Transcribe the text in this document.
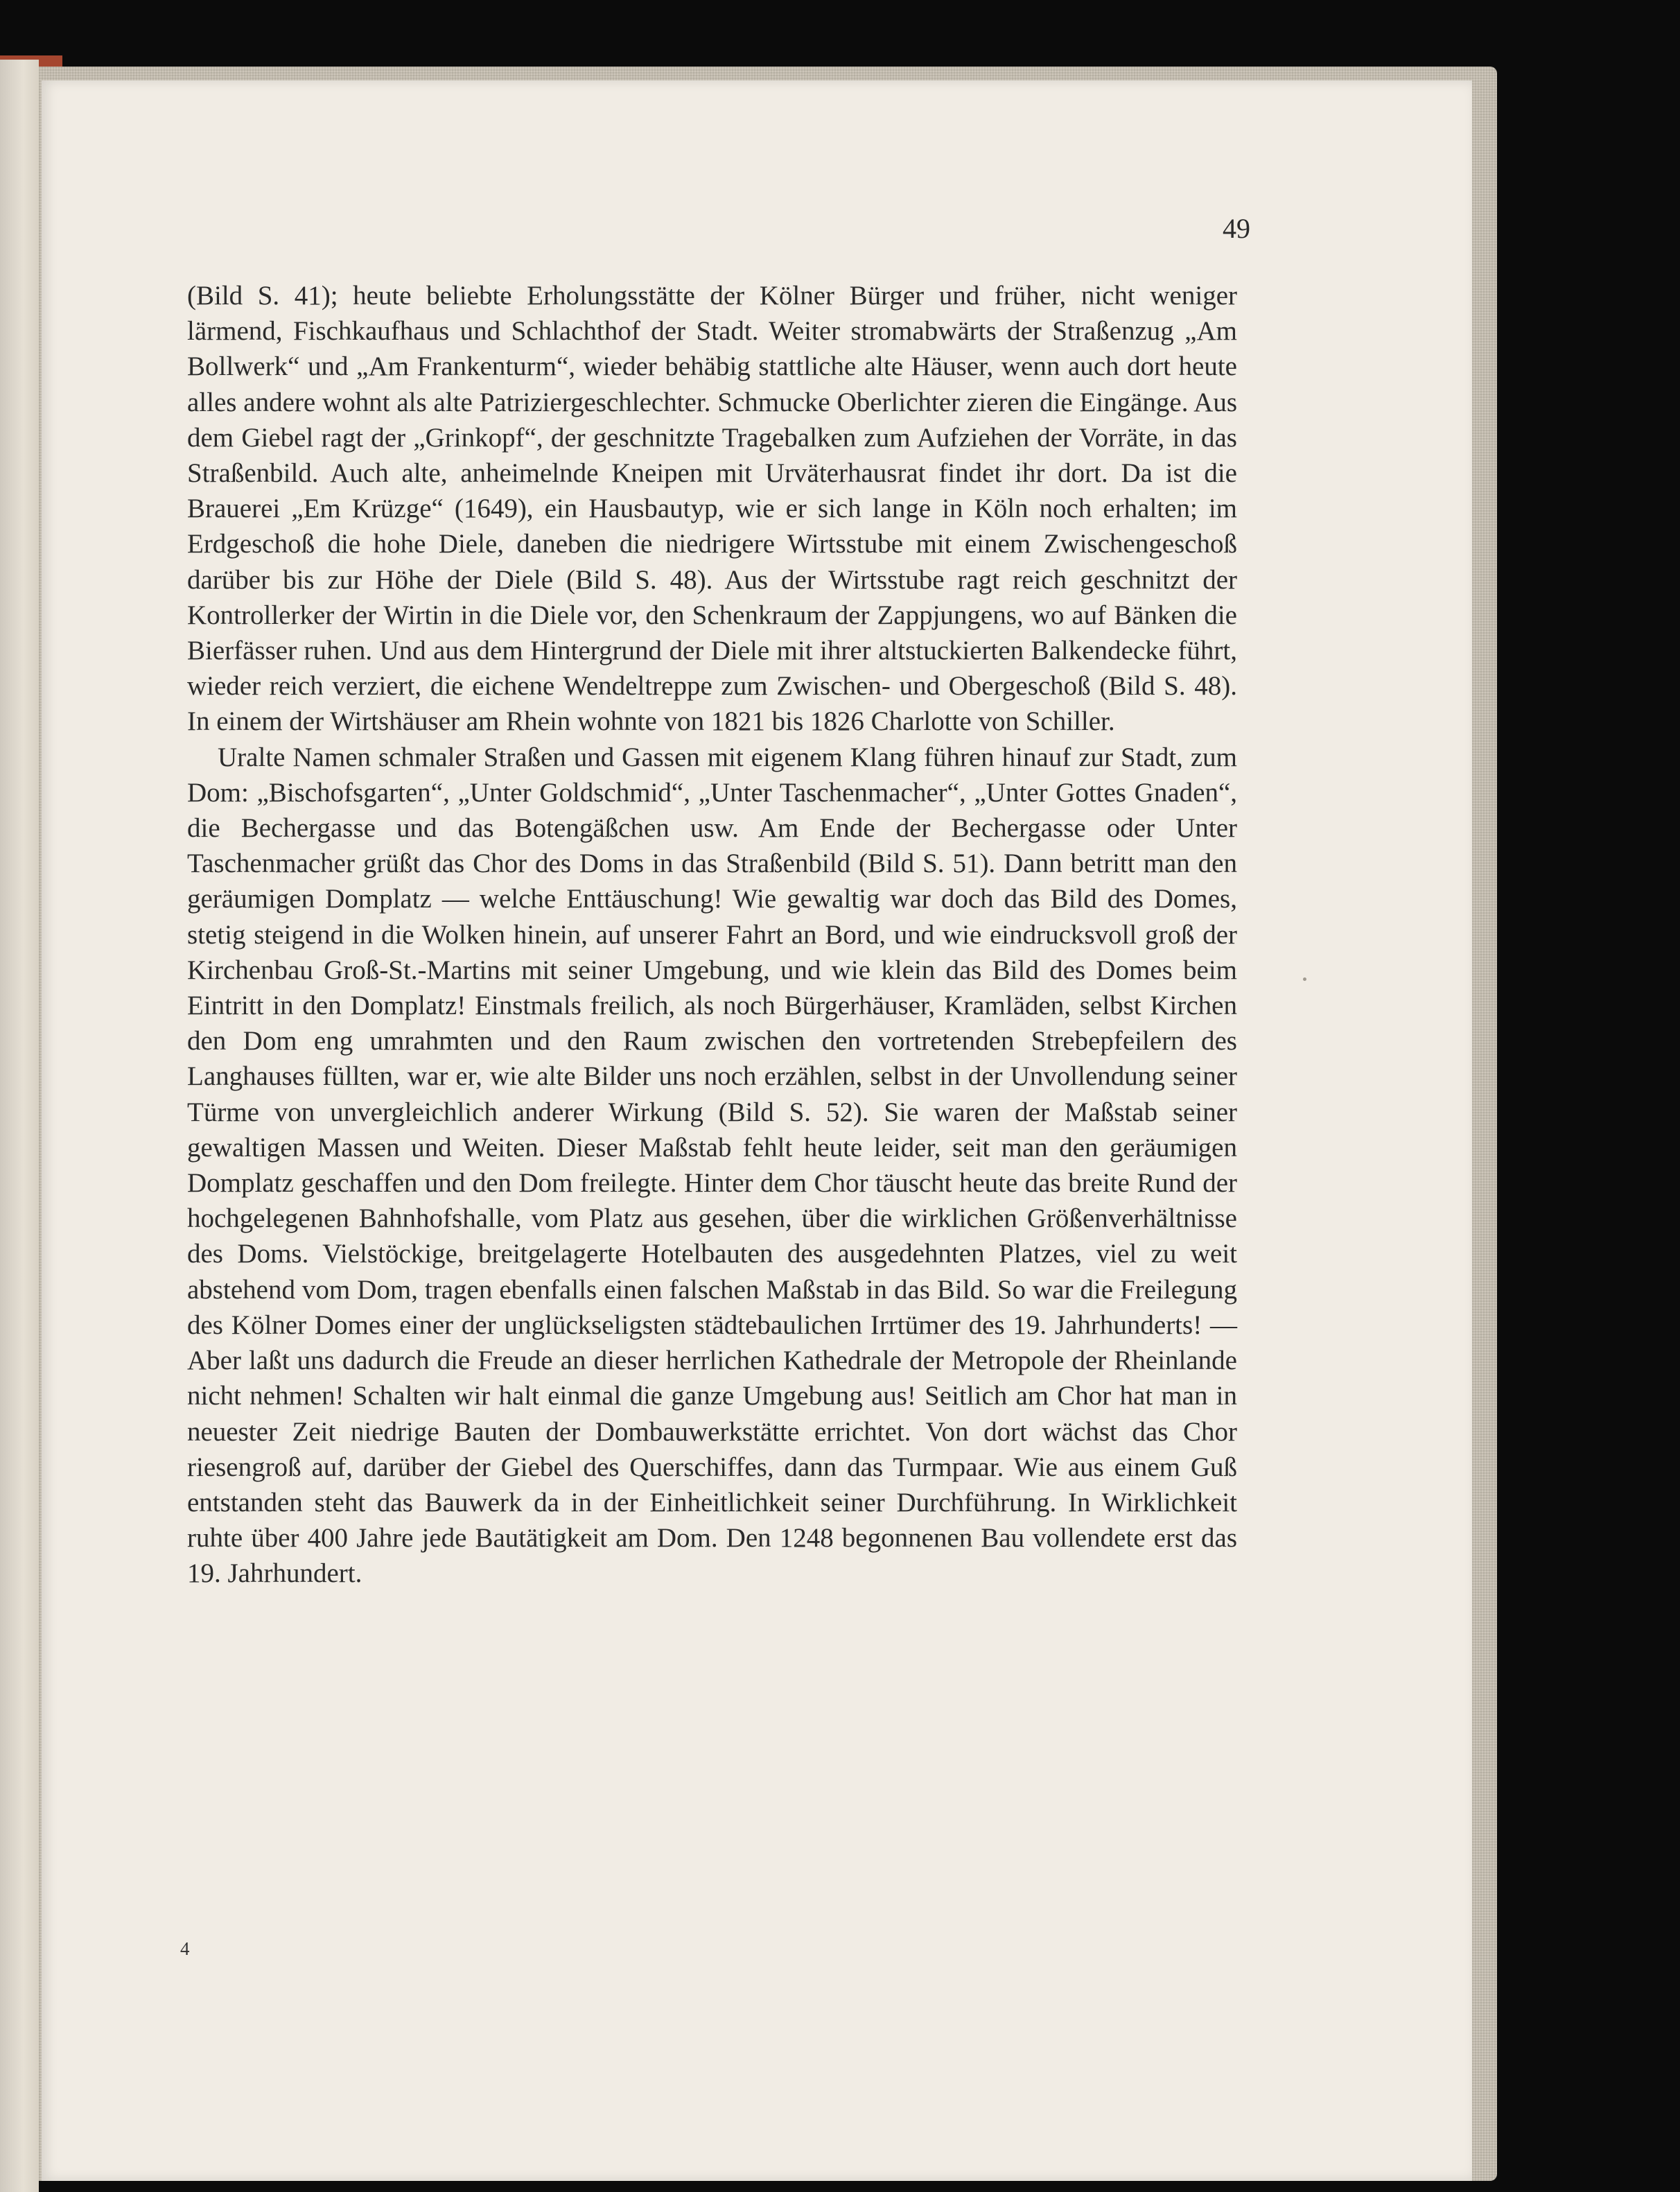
49

(Bild S. 41); heute beliebte Erholungsstätte der Kölner Bürger und früher, nicht weniger lärmend, Fischkaufhaus und Schlachthof der Stadt. Weiter stromabwärts der Straßenzug „Am Bollwerk“ und „Am Frankenturm“, wieder behäbig stattliche alte Häuser, wenn auch dort heute alles andere wohnt als alte Patriziergeschlechter. Schmucke Oberlichter zieren die Eingänge. Aus dem Giebel ragt der „Grinkopf“, der geschnitzte Tragebalken zum Aufziehen der Vorräte, in das Straßenbild. Auch alte, anheimelnde Kneipen mit Urväterhausrat findet ihr dort. Da ist die Brauerei „Em Krüzge“ (1649), ein Hausbautyp, wie er sich lange in Köln noch erhalten; im Erdgeschoß die hohe Diele, daneben die niedrigere Wirtsstube mit einem Zwischengeschoß darüber bis zur Höhe der Diele (Bild S. 48). Aus der Wirtsstube ragt reich geschnitzt der Kontrollerker der Wirtin in die Diele vor, den Schenkraum der Zappjungens, wo auf Bänken die Bierfässer ruhen. Und aus dem Hintergrund der Diele mit ihrer altstuckierten Balkendecke führt, wieder reich verziert, die eichene Wendeltreppe zum Zwischen- und Obergeschoß (Bild S. 48). In einem der Wirtshäuser am Rhein wohnte von 1821 bis 1826 Charlotte von Schiller.

Uralte Namen schmaler Straßen und Gassen mit eigenem Klang führen hinauf zur Stadt, zum Dom: „Bischofsgarten“, „Unter Goldschmid“, „Unter Taschenmacher“, „Unter Gottes Gnaden“, die Bechergasse und das Botengäßchen usw. Am Ende der Bechergasse oder Unter Taschenmacher grüßt das Chor des Doms in das Straßenbild (Bild S. 51). Dann betritt man den geräumigen Domplatz — welche Enttäuschung! Wie gewaltig war doch das Bild des Domes, stetig steigend in die Wolken hinein, auf unserer Fahrt an Bord, und wie eindrucksvoll groß der Kirchenbau Groß-St.-Martins mit seiner Umgebung, und wie klein das Bild des Domes beim Eintritt in den Domplatz! Einstmals freilich, als noch Bürgerhäuser, Kramläden, selbst Kirchen den Dom eng umrahmten und den Raum zwischen den vortretenden Strebepfeilern des Langhauses füllten, war er, wie alte Bilder uns noch erzählen, selbst in der Unvollendung seiner Türme von unvergleichlich anderer Wirkung (Bild S. 52). Sie waren der Maßstab seiner gewaltigen Massen und Weiten. Dieser Maßstab fehlt heute leider, seit man den geräumigen Domplatz geschaffen und den Dom freilegte. Hinter dem Chor täuscht heute das breite Rund der hochgelegenen Bahnhofshalle, vom Platz aus gesehen, über die wirklichen Größenverhältnisse des Doms. Vielstöckige, breitgelagerte Hotelbauten des ausgedehnten Platzes, viel zu weit abstehend vom Dom, tragen ebenfalls einen falschen Maßstab in das Bild. So war die Freilegung des Kölner Domes einer der unglückseligsten städtebaulichen Irrtümer des 19. Jahrhunderts! — Aber laßt uns dadurch die Freude an dieser herrlichen Kathedrale der Metropole der Rheinlande nicht nehmen! Schalten wir halt einmal die ganze Umgebung aus! Seitlich am Chor hat man in neuester Zeit niedrige Bauten der Dombauwerkstätte errichtet. Von dort wächst das Chor riesengroß auf, darüber der Giebel des Querschiffes, dann das Turmpaar. Wie aus einem Guß entstanden steht das Bauwerk da in der Einheitlichkeit seiner Durchführung. In Wirklichkeit ruhte über 400 Jahre jede Bautätigkeit am Dom. Den 1248 begonnenen Bau vollendete erst das 19. Jahrhundert.

4
